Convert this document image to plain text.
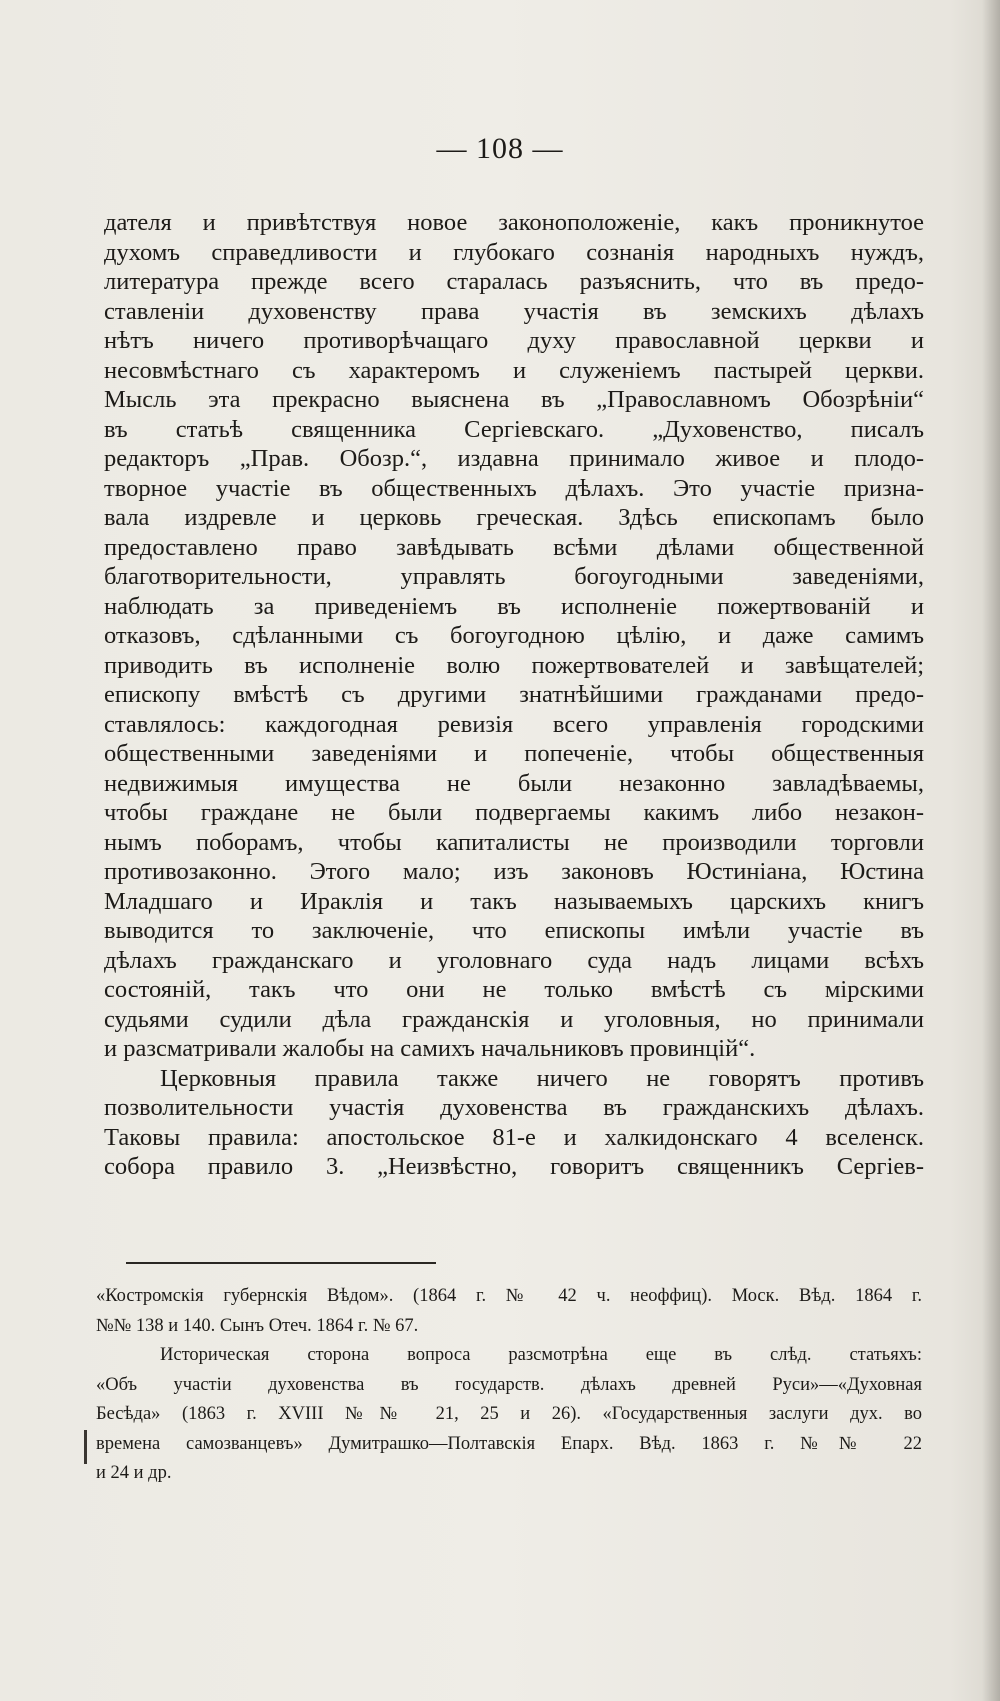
— 108 —
дателя и привѣтствуя новое законоположеніе, какъ проникнутое
духомъ справедливости и глубокаго сознанія народныхъ нуждъ,
литература прежде всего старалась разъяснить, что въ предо-
ставленіи духовенству права участія въ земскихъ дѣлахъ
нѣтъ ничего противорѣчащаго духу православной церкви и
несовмѣстнаго съ характеромъ и служеніемъ пастырей церкви.
Мысль эта прекрасно выяснена въ „Православномъ Обозрѣніи“
въ статьѣ священника Сергіевскаго. „Духовенство, писалъ
редакторъ „Прав. Обозр.“, издавна принимало живое и плодо-
творное участіе въ общественныхъ дѣлахъ. Это участіе призна-
вала издревле и церковь греческая. Здѣсь епископамъ было
предоставлено право завѣдывать всѣми дѣлами общественной
благотворительности, управлять богоугодными заведеніями,
наблюдать за приведеніемъ въ исполненіе пожертвованій и
отказовъ, сдѣланными съ богоугодною цѣлію, и даже самимъ
приводить въ исполненіе волю пожертвователей и завѣщателей;
епископу вмѣстѣ съ другими знатнѣйшими гражданами предо-
ставлялось: каждогодная ревизія всего управленія городскими
общественными заведеніями и попеченіе, чтобы общественныя
недвижимыя имущества не были незаконно завладѣваемы,
чтобы граждане не были подвергаемы какимъ либо незакон-
нымъ поборамъ, чтобы капиталисты не производили торговли
противозаконно. Этого мало; изъ законовъ Юстиніана, Юстина
Младшаго и Ираклія и такъ называемыхъ царскихъ книгъ
выводится то заключеніе, что епископы имѣли участіе въ
дѣлахъ гражданскаго и уголовнаго суда надъ лицами всѣхъ
состояній, такъ что они не только вмѣстѣ съ мірскими
судьями судили дѣла гражданскія и уголовныя, но принимали
и разсматривали жалобы на самихъ начальниковъ провинцій“.
Церковныя правила также ничего не говорятъ противъ
позволительности участія духовенства въ гражданскихъ дѣлахъ.
Таковы правила: апостольское 81-е и халкидонскаго 4 вселенск.
собора правило 3. „Неизвѣстно, говоритъ священникъ Сергіев-
«Костромскія губернскія Вѣдом». (1864 г. № 42 ч. неоффиц). Моск. Вѣд. 1864 г.
№№ 138 и 140. Сынъ Отеч. 1864 г. № 67.
Историческая сторона вопроса разсмотрѣна еще въ слѣд. статьяхъ:
«Объ участіи духовенства въ государств. дѣлахъ древней Руси»—«Духовная
Бесѣда» (1863 г. XVIII №№ 21, 25 и 26). «Государственныя заслуги дух. во
времена самозванцевъ» Думитрашко—Полтавскія Епарх. Вѣд. 1863 г. №№ 22
и 24 и др.
